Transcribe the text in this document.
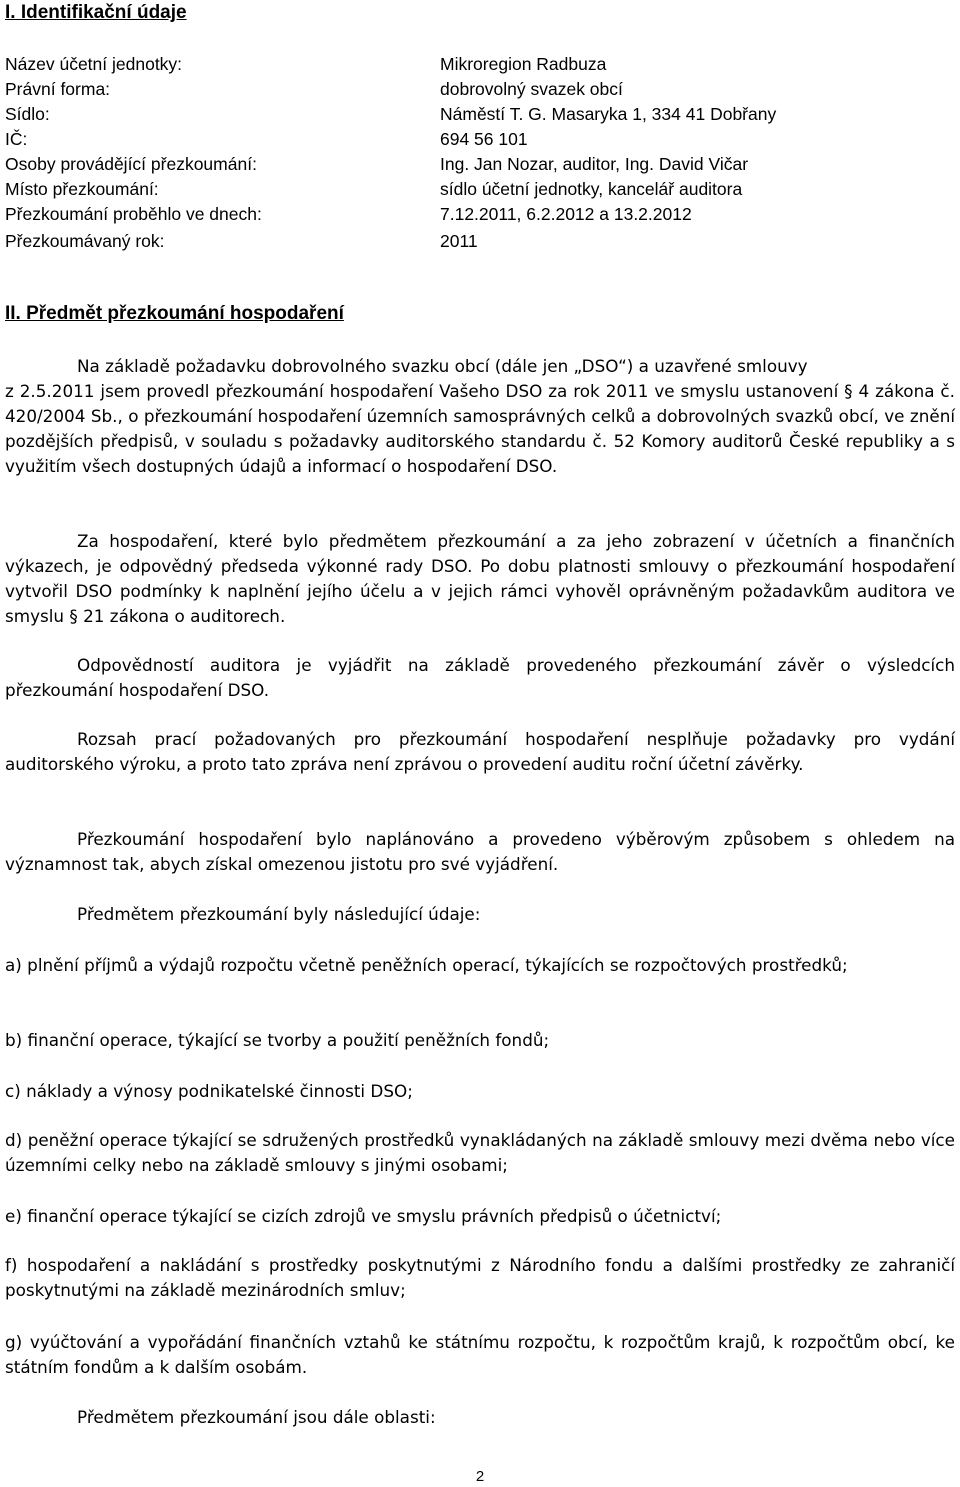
I. Identifikační údaje
Název účetní jednotky:	Mikroregion Radbuza
Právní forma:	dobrovolný svazek obcí
Sídlo:	Náměstí T. G. Masaryka 1, 334 41 Dobřany
IČ:	694 56 101
Osoby provádějící přezkoumání:	Ing. Jan Nozar, auditor, Ing. David Vičar
Místo přezkoumání:	sídlo účetní jednotky, kancelář auditora
Přezkoumání proběhlo ve dnech:	7.12.2011, 6.2.2012 a 13.2.2012
Přezkoumávaný rok:	2011
II. Předmět přezkoumání hospodaření

Na základě požadavku dobrovolného svazku obcí (dále jen „DSO“) a uzavřené smlouvy

z 2.5.2011 jsem provedl přezkoumání hospodaření Vašeho DSO za rok 2011 ve smyslu ustanovení § 4 zákona č. 420/2004 Sb., o přezkoumání hospodaření územních samosprávných celků a dobrovolných svazků obcí, ve znění pozdějších předpisů, v souladu s požadavky auditorského standardu č. 52 Komory auditorů České republiky a s využitím všech dostupných údajů a informací o hospodaření DSO.

Za hospodaření, které bylo předmětem přezkoumání a za jeho zobrazení v účetních a finančních výkazech, je odpovědný předseda výkonné rady DSO. Po dobu platnosti smlouvy o přezkoumání hospodaření vytvořil DSO podmínky k naplnění jejího účelu a v jejich rámci vyhověl oprávněným požadavkům auditora ve smyslu § 21 zákona o auditorech.

Odpovědností auditora je vyjádřit na základě provedeného přezkoumání závěr o výsledcích přezkoumání hospodaření DSO.

Rozsah prací požadovaných pro přezkoumání hospodaření nesplňuje požadavky pro vydání auditorského výroku, a proto tato zpráva není zprávou o provedení auditu roční účetní závěrky.

Přezkoumání hospodaření bylo naplánováno a provedeno výběrovým způsobem s ohledem na významnost tak, abych získal omezenou jistotu pro své vyjádření.

Předmětem přezkoumání byly následující údaje:

a) plnění příjmů a výdajů rozpočtu včetně peněžních operací, týkajících se rozpočtových prostředků;

b) finanční operace, týkající se tvorby a použití peněžních fondů;

c) náklady a výnosy podnikatelské činnosti DSO;

d) peněžní operace týkající se sdružených prostředků vynakládaných na základě smlouvy mezi dvěma nebo více územními celky nebo na základě smlouvy s jinými osobami;

e) finanční operace týkající se cizích zdrojů ve smyslu právních předpisů o účetnictví;

f) hospodaření a nakládání s prostředky poskytnutými z Národního fondu a dalšími prostředky ze zahraničí poskytnutými na základě mezinárodních smluv;

g) vyúčtování a vypořádání finančních vztahů ke státnímu rozpočtu, k rozpočtům krajů, k rozpočtům obcí, ke státním fondům a k dalším osobám.

Předmětem přezkoumání jsou dále oblasti:

2
